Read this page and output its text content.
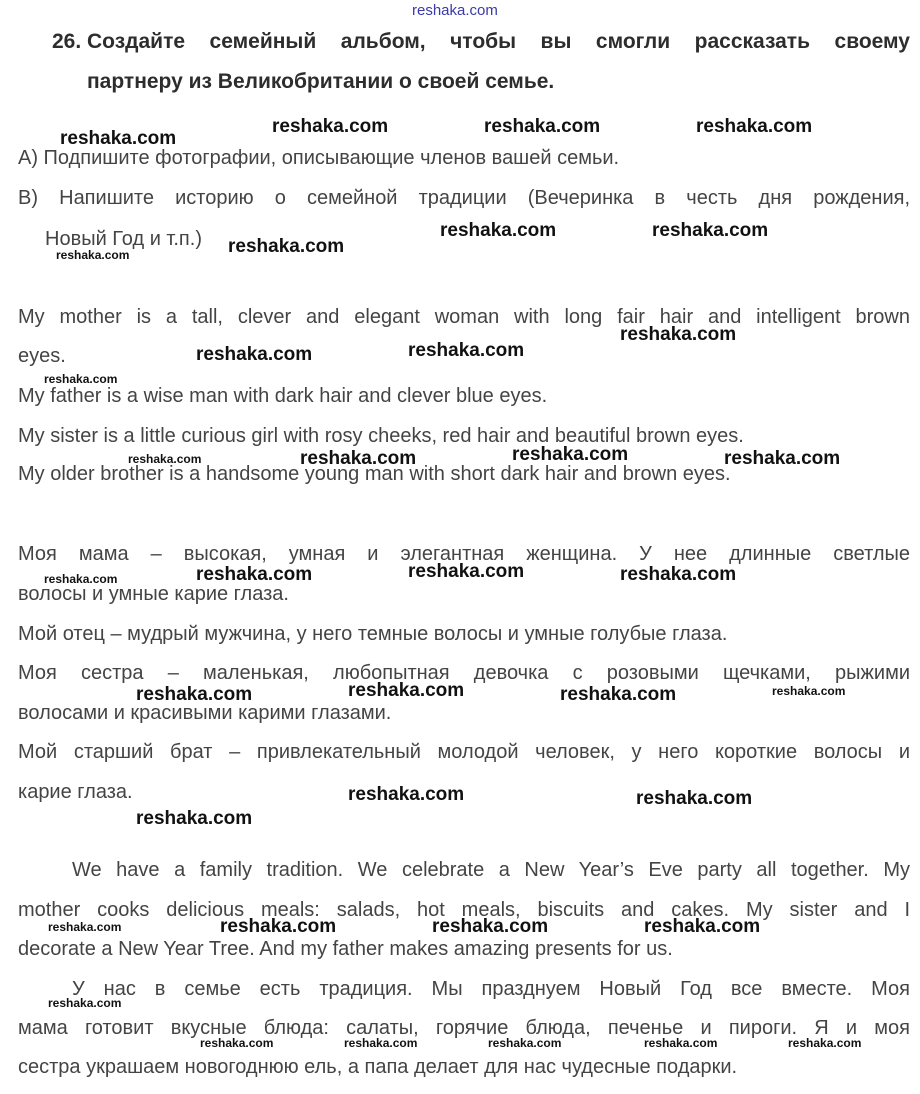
reshaka.com
26. Создайте семейный альбом, чтобы вы смогли рассказать своему
партнеру из Великобритании о своей семье.
А) Подпишите фотографии, описывающие членов вашей семьи.
В) Напишите историю о семейной традиции (Вечеринка в честь дня рождения,
Новый Год и т.п.)
My mother is a tall, clever and elegant woman with long fair hair and intelligent brown
eyes.
My father is a wise man with dark hair and clever blue eyes.
My sister is a little curious girl with rosy cheeks, red hair and beautiful brown eyes.
My older brother is a handsome young man with short dark hair and brown eyes.
Моя мама – высокая, умная и элегантная женщина. У нее длинные светлые
волосы и умные карие глаза.
Мой отец – мудрый мужчина, у него темные волосы и умные голубые глаза.
Моя сестра – маленькая, любопытная девочка с розовыми щечками, рыжими
волосами и красивыми карими глазами.
Мой старший брат – привлекательный молодой человек, у него короткие волосы и
карие глаза.
We have a family tradition. We celebrate a New Year’s Eve party all together. My
mother cooks delicious meals: salads, hot meals, biscuits and cakes. My sister and I
decorate a New Year Tree. And my father makes amazing presents for us.
У нас в семье есть традиция. Мы празднуем Новый Год все вместе. Моя
мама готовит вкусные блюда: салаты, горячие блюда, печенье и пироги. Я и моя
сестра украшаем новогоднюю ель, а папа делает для нас чудесные подарки.
reshaka.com
reshaka.com	reshaka.com	reshaka.com
reshaka.com
reshaka.com	reshaka.com
reshaka.com
reshaka.com	reshaka.com
reshaka.com	reshaka.com	reshaka.com
reshaka.com	reshaka.com	reshaka.com
reshaka.com	reshaka.com	reshaka.com
reshaka.com	reshaka.com
reshaka.com
reshaka.com	reshaka.com	reshaka.com
reshaka.com
reshaka.com
reshaka.com
reshaka.com
reshaka.com
reshaka.com
reshaka.com
reshaka.com	reshaka.com	reshaka.com	reshaka.com	reshaka.com
